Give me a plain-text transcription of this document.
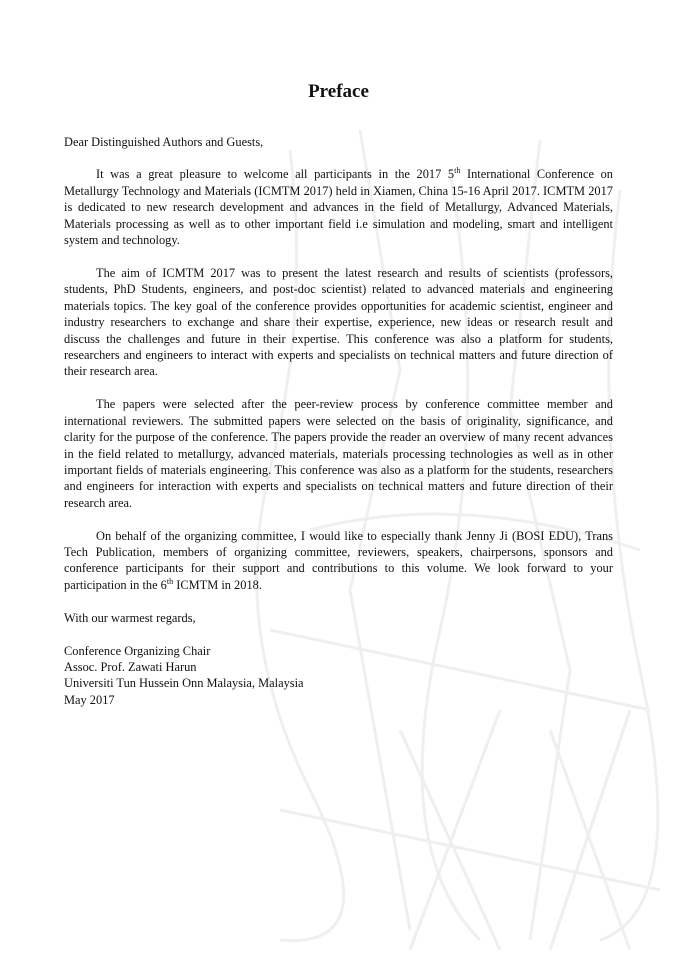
Preface
Dear Distinguished Authors and Guests,

It was a great pleasure to welcome all participants in the 2017 5th International Conference on Metallurgy Technology and Materials (ICMTM 2017) held in Xiamen, China 15-16 April 2017. ICMTM 2017 is dedicated to new research development and advances in the field of Metallurgy, Advanced Materials, Materials processing as well as to other important field i.e simulation and modeling, smart and intelligent system and technology.

The aim of ICMTM 2017 was to present the latest research and results of scientists (professors, students, PhD Students, engineers, and post-doc scientist) related to advanced materials and engineering materials topics. The key goal of the conference provides opportunities for academic scientist, engineer and industry researchers to exchange and share their expertise, experience, new ideas or research result and discuss the challenges and future in their expertise. This conference was also a platform for students, researchers and engineers to interact with experts and specialists on technical matters and future direction of their research area.

The papers were selected after the peer-review process by conference committee member and international reviewers. The submitted papers were selected on the basis of originality, significance, and clarity for the purpose of the conference. The papers provide the reader an overview of many recent advances in the field related to metallurgy, advanced materials, materials processing technologies as well as in other important fields of materials engineering. This conference was also as a platform for the students, researchers and engineers for interaction with experts and specialists on technical matters and future direction of their research area.

On behalf of the organizing committee, I would like to especially thank Jenny Ji (BOSI EDU), Trans Tech Publication, members of organizing committee, reviewers, speakers, chairpersons, sponsors and conference participants for their support and contributions to this volume. We look forward to your participation in the 6th ICMTM in 2018.

With our warmest regards,

Conference Organizing Chair

Assoc. Prof. Zawati Harun

Universiti Tun Hussein Onn Malaysia, Malaysia

May 2017
